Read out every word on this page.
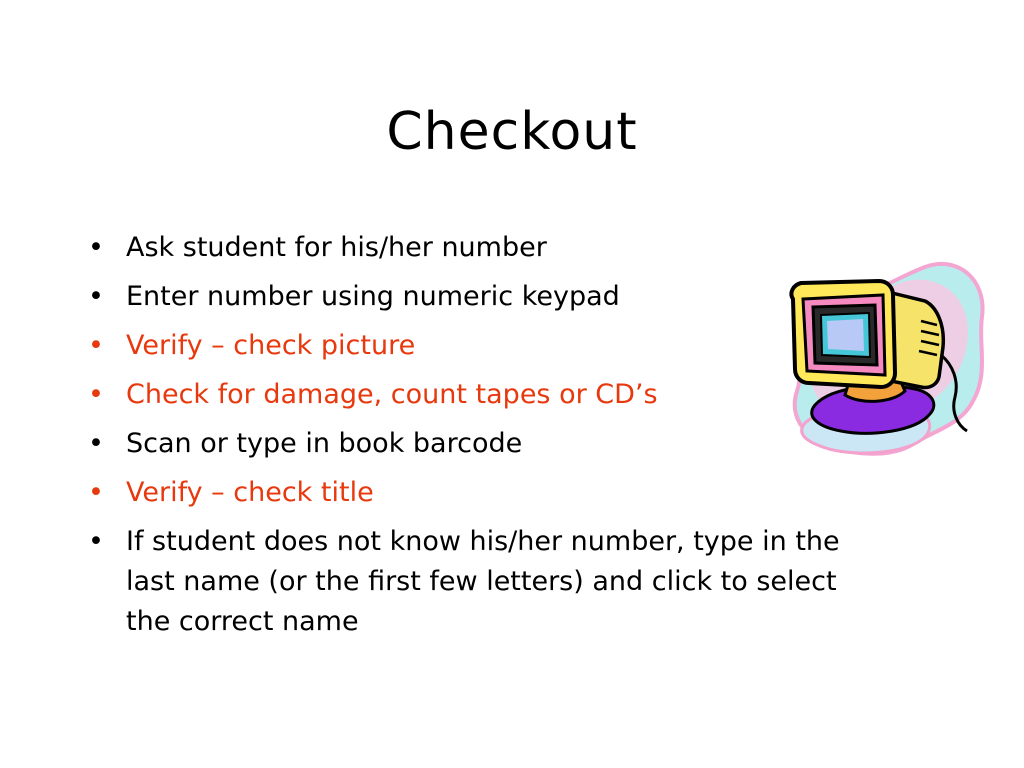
Checkout
• Ask student for his/her number
• Enter number using numeric keypad
• Verify – check picture
• Check for damage, count tapes or CD’s
• Scan or type in book barcode
• Verify – check title
• If student does not know his/her number, type in the last name (or the first few letters) and click to select the correct name
